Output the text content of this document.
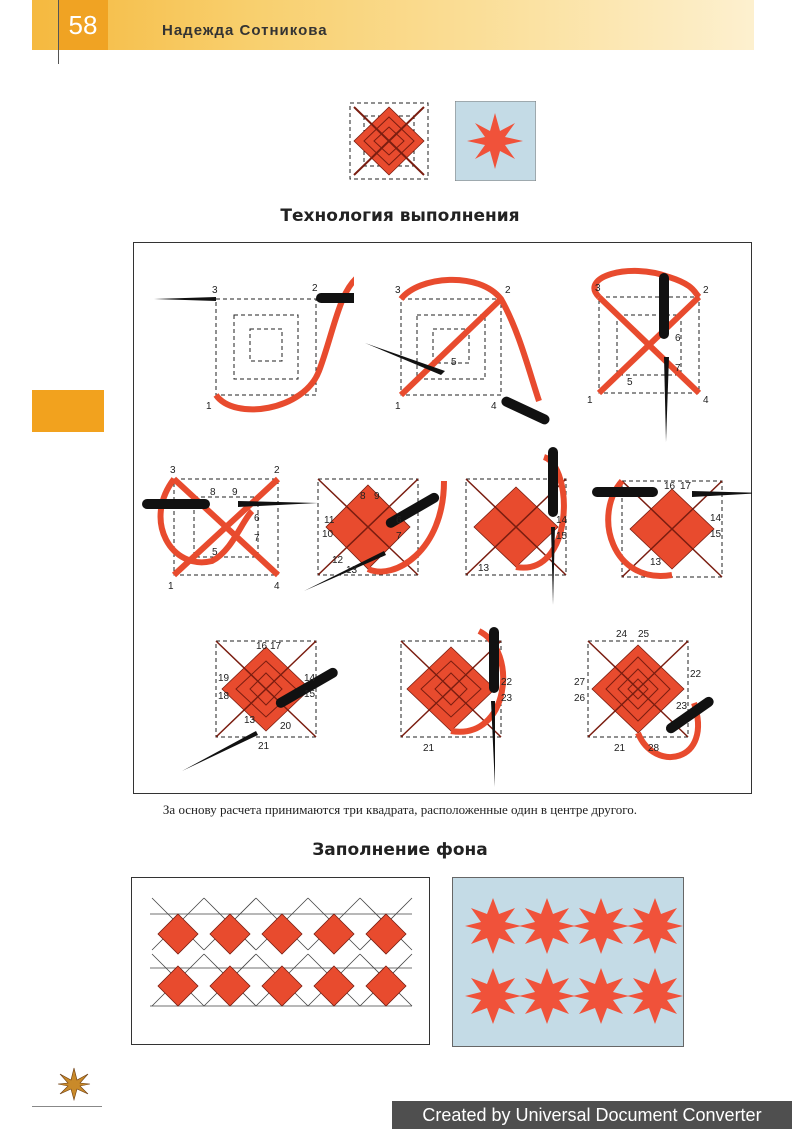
58	Надежда Сотникова
Технология выполнения
3	2
1
3	2
1	4
5
3	2
1	4
5
6
7
3	2
1	4
5
6
7
8 9	8 9
6
7
10
11
12
13	13
14
15
16 17
13
14
15
16 17
19
18
13
14
15
20
21
22
23
21
24 25
27
26
22
23
21 28
За основу расчета принимаются три квадрата, расположенные один в центре другого.
Заполнение фона
Created by Universal Document Converter
